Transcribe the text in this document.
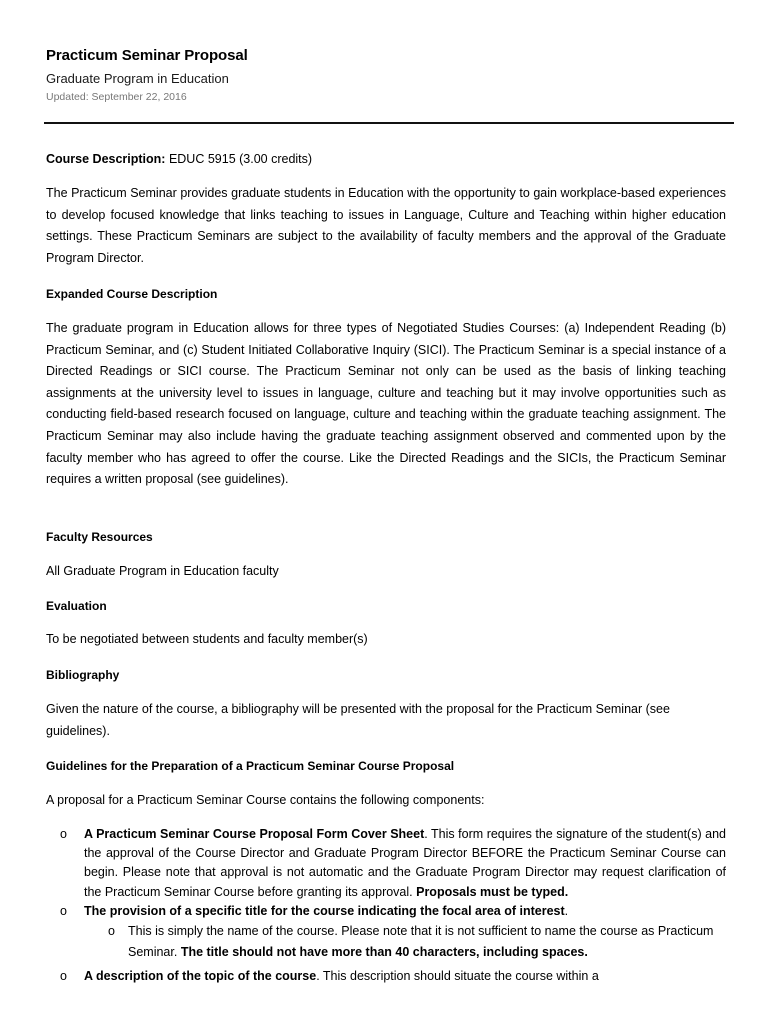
Practicum Seminar Proposal
Graduate Program in Education
Updated: September 22, 2016
Course Description: EDUC 5915 (3.00 credits)
The Practicum Seminar provides graduate students in Education with the opportunity to gain workplace-based experiences to develop focused knowledge that links teaching to issues in Language, Culture and Teaching within higher education settings. These Practicum Seminars are subject to the availability of faculty members and the approval of the Graduate Program Director.
Expanded Course Description
The graduate program in Education allows for three types of Negotiated Studies Courses: (a) Independent Reading (b) Practicum Seminar, and (c) Student Initiated Collaborative Inquiry (SICI). The Practicum Seminar is a special instance of a Directed Readings or SICI course. The Practicum Seminar not only can be used as the basis of linking teaching assignments at the university level to issues in language, culture and teaching but it may involve opportunities such as conducting field-based research focused on language, culture and teaching within the graduate teaching assignment. The Practicum Seminar may also include having the graduate teaching assignment observed and commented upon by the faculty member who has agreed to offer the course. Like the Directed Readings and the SICIs, the Practicum Seminar requires a written proposal (see guidelines).
Faculty Resources
All Graduate Program in Education faculty
Evaluation
To be negotiated between students and faculty member(s)
Bibliography
Given the nature of the course, a bibliography will be presented with the proposal for the Practicum Seminar (see guidelines).
Guidelines for the Preparation of a Practicum Seminar Course Proposal
A proposal for a Practicum Seminar Course contains the following components:
o A Practicum Seminar Course Proposal Form Cover Sheet. This form requires the signature of the student(s) and the approval of the Course Director and Graduate Program Director BEFORE the Practicum Seminar Course can begin. Please note that approval is not automatic and the Graduate Program Director may request clarification of the Practicum Seminar Course before granting its approval. Proposals must be typed.
o The provision of a specific title for the course indicating the focal area of interest.
o This is simply the name of the course. Please note that it is not sufficient to name the course as Practicum Seminar. The title should not have more than 40 characters, including spaces.
o A description of the topic of the course. This description should situate the course within a
